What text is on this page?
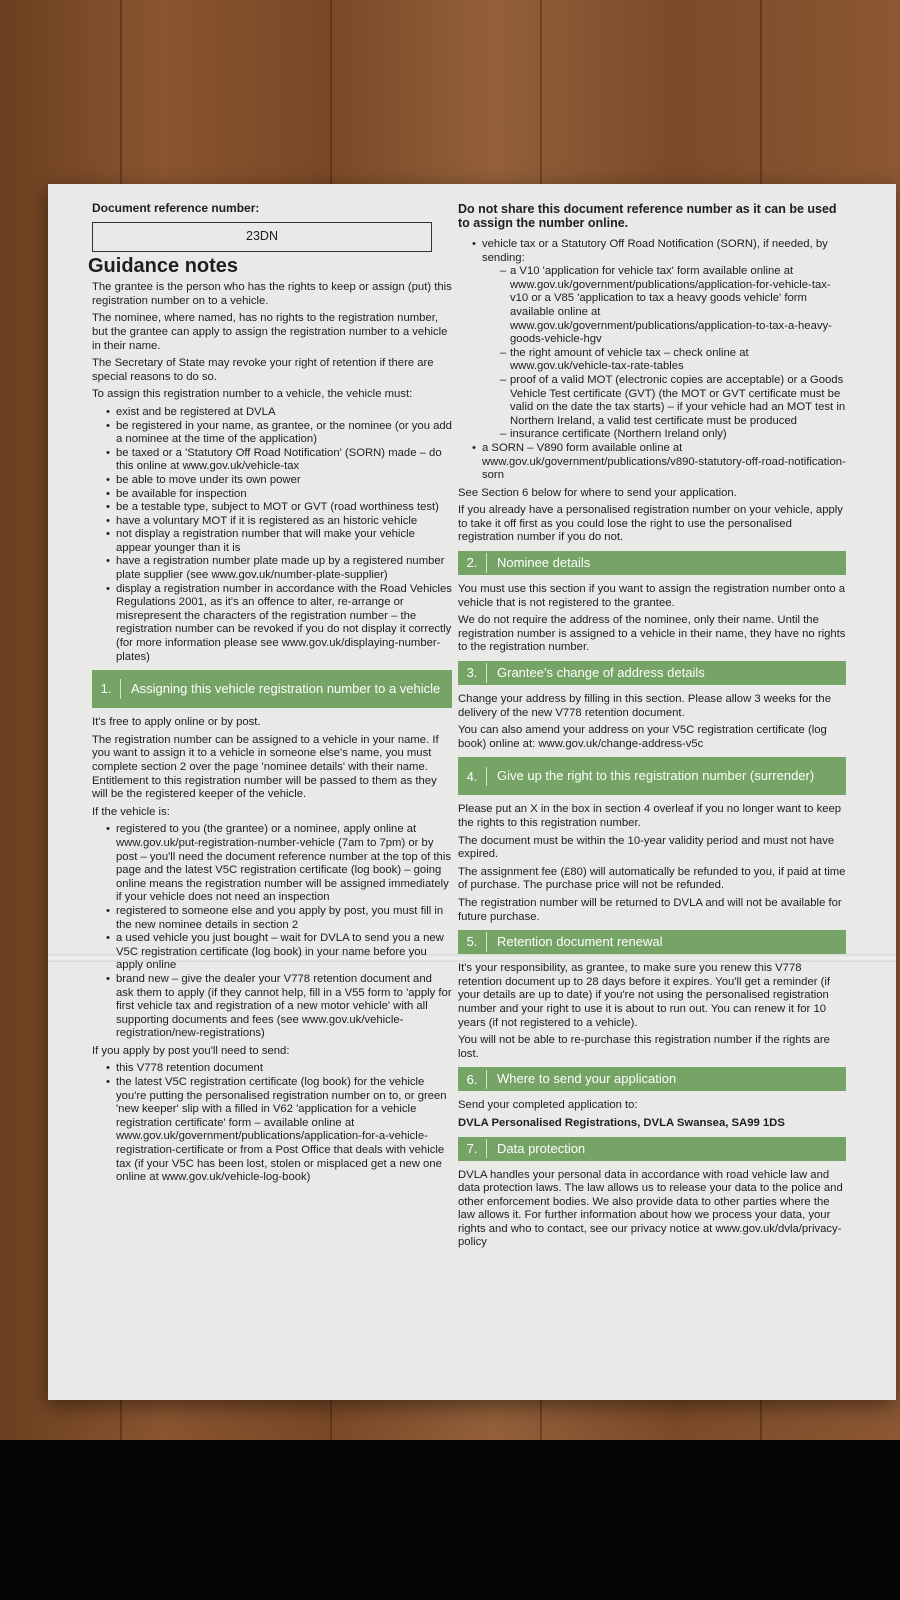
Document reference number:
23DN
Guidance notes

The grantee is the person who has the rights to keep or assign (put) this registration number on to a vehicle.

The nominee, where named, has no rights to the registration number, but the grantee can apply to assign the registration number to a vehicle in their name.

The Secretary of State may revoke your right of retention if there are special reasons to do so.

To assign this registration number to a vehicle, the vehicle must:

• exist and be registered at DVLA
• be registered in your name, as grantee, or the nominee (or you add a nominee at the time of the application)
• be taxed or a 'Statutory Off Road Notification' (SORN) made – do this online at www.gov.uk/vehicle-tax
• be able to move under its own power
• be available for inspection
• be a testable type, subject to MOT or GVT (road worthiness test)
• have a voluntary MOT if it is registered as an historic vehicle
• not display a registration number that will make your vehicle appear younger than it is
• have a registration number plate made up by a registered number plate supplier (see www.gov.uk/number-plate-supplier)
• display a registration number in accordance with the Road Vehicles Regulations 2001, as it's an offence to alter, re-arrange or misrepresent the characters of the registration number – the registration number can be revoked if you do not display it correctly (for more information please see www.gov.uk/displaying-number-plates)
1.	Assigning this vehicle registration number to a vehicle

It's free to apply online or by post.

The registration number can be assigned to a vehicle in your name. If you want to assign it to a vehicle in someone else's name, you must complete section 2 over the page 'nominee details' with their name. Entitlement to this registration number will be passed to them as they will be the registered keeper of the vehicle.

If the vehicle is:

• registered to you (the grantee) or a nominee, apply online at www.gov.uk/put-registration-number-vehicle (7am to 7pm) or by post – you'll need the document reference number at the top of this page and the latest V5C registration certificate (log book) – going online means the registration number will be assigned immediately if your vehicle does not need an inspection
• registered to someone else and you apply by post, you must fill in the new nominee details in section 2
• a used vehicle you just bought – wait for DVLA to send you a new V5C registration certificate (log book) in your name before you apply online
• brand new – give the dealer your V778 retention document and ask them to apply (if they cannot help, fill in a V55 form to 'apply for first vehicle tax and registration of a new motor vehicle' with all supporting documents and fees (see www.gov.uk/vehicle-registration/new-registrations)

If you apply by post you'll need to send:

• this V778 retention document
• the latest V5C registration certificate (log book) for the vehicle you're putting the personalised registration number on to, or green 'new keeper' slip with a filled in V62 'application for a vehicle registration certificate' form – available online at www.gov.uk/government/publications/application-for-a-vehicle-registration-certificate or from a Post Office that deals with vehicle tax (if your V5C has been lost, stolen or misplaced get a new one online at www.gov.uk/vehicle-log-book)
Do not share this document reference number as it can be used to assign the number online.
• vehicle tax or a Statutory Off Road Notification (SORN), if needed, by sending:
– a V10 'application for vehicle tax' form available online at www.gov.uk/government/publications/application-for-vehicle-tax-v10 or a V85 'application to tax a heavy goods vehicle' form available online at www.gov.uk/government/publications/application-to-tax-a-heavy-goods-vehicle-hgv
– the right amount of vehicle tax – check online at www.gov.uk/vehicle-tax-rate-tables
– proof of a valid MOT (electronic copies are acceptable) or a Goods Vehicle Test certificate (GVT) (the MOT or GVT certificate must be valid on the date the tax starts) – if your vehicle had an MOT test in Northern Ireland, a valid test certificate must be produced
– insurance certificate (Northern Ireland only)
• a SORN – V890 form available online at www.gov.uk/government/publications/v890-statutory-off-road-notification-sorn

See Section 6 below for where to send your application.

If you already have a personalised registration number on your vehicle, apply to take it off first as you could lose the right to use the personalised registration number if you do not.

2.	Nominee details

You must use this section if you want to assign the registration number onto a vehicle that is not registered to the grantee.

We do not require the address of the nominee, only their name. Until the registration number is assigned to a vehicle in their name, they have no rights to the registration number.

3.	Grantee's change of address details

Change your address by filling in this section. Please allow 3 weeks for the delivery of the new V778 retention document.

You can also amend your address on your V5C registration certificate (log book) online at: www.gov.uk/change-address-v5c

4.	Give up the right to this registration number (surrender)

Please put an X in the box in section 4 overleaf if you no longer want to keep the rights to this registration number.

The document must be within the 10-year validity period and must not have expired.

The assignment fee (£80) will automatically be refunded to you, if paid at time of purchase. The purchase price will not be refunded.

The registration number will be returned to DVLA and will not be available for future purchase.

5.	Retention document renewal

It's your responsibility, as grantee, to make sure you renew this V778 retention document up to 28 days before it expires. You'll get a reminder (if your details are up to date) if you're not using the personalised registration number and your right to use it is about to run out. You can renew it for 10 years (if not registered to a vehicle).

You will not be able to re-purchase this registration number if the rights are lost.

6.	Where to send your application

Send your completed application to:

DVLA Personalised Registrations, DVLA Swansea, SA99 1DS

7.	Data protection

DVLA handles your personal data in accordance with road vehicle law and data protection laws. The law allows us to release your data to the police and other enforcement bodies. We also provide data to other parties where the law allows it. For further information about how we process your data, your rights and who to contact, see our privacy notice at www.gov.uk/dvla/privacy-policy
